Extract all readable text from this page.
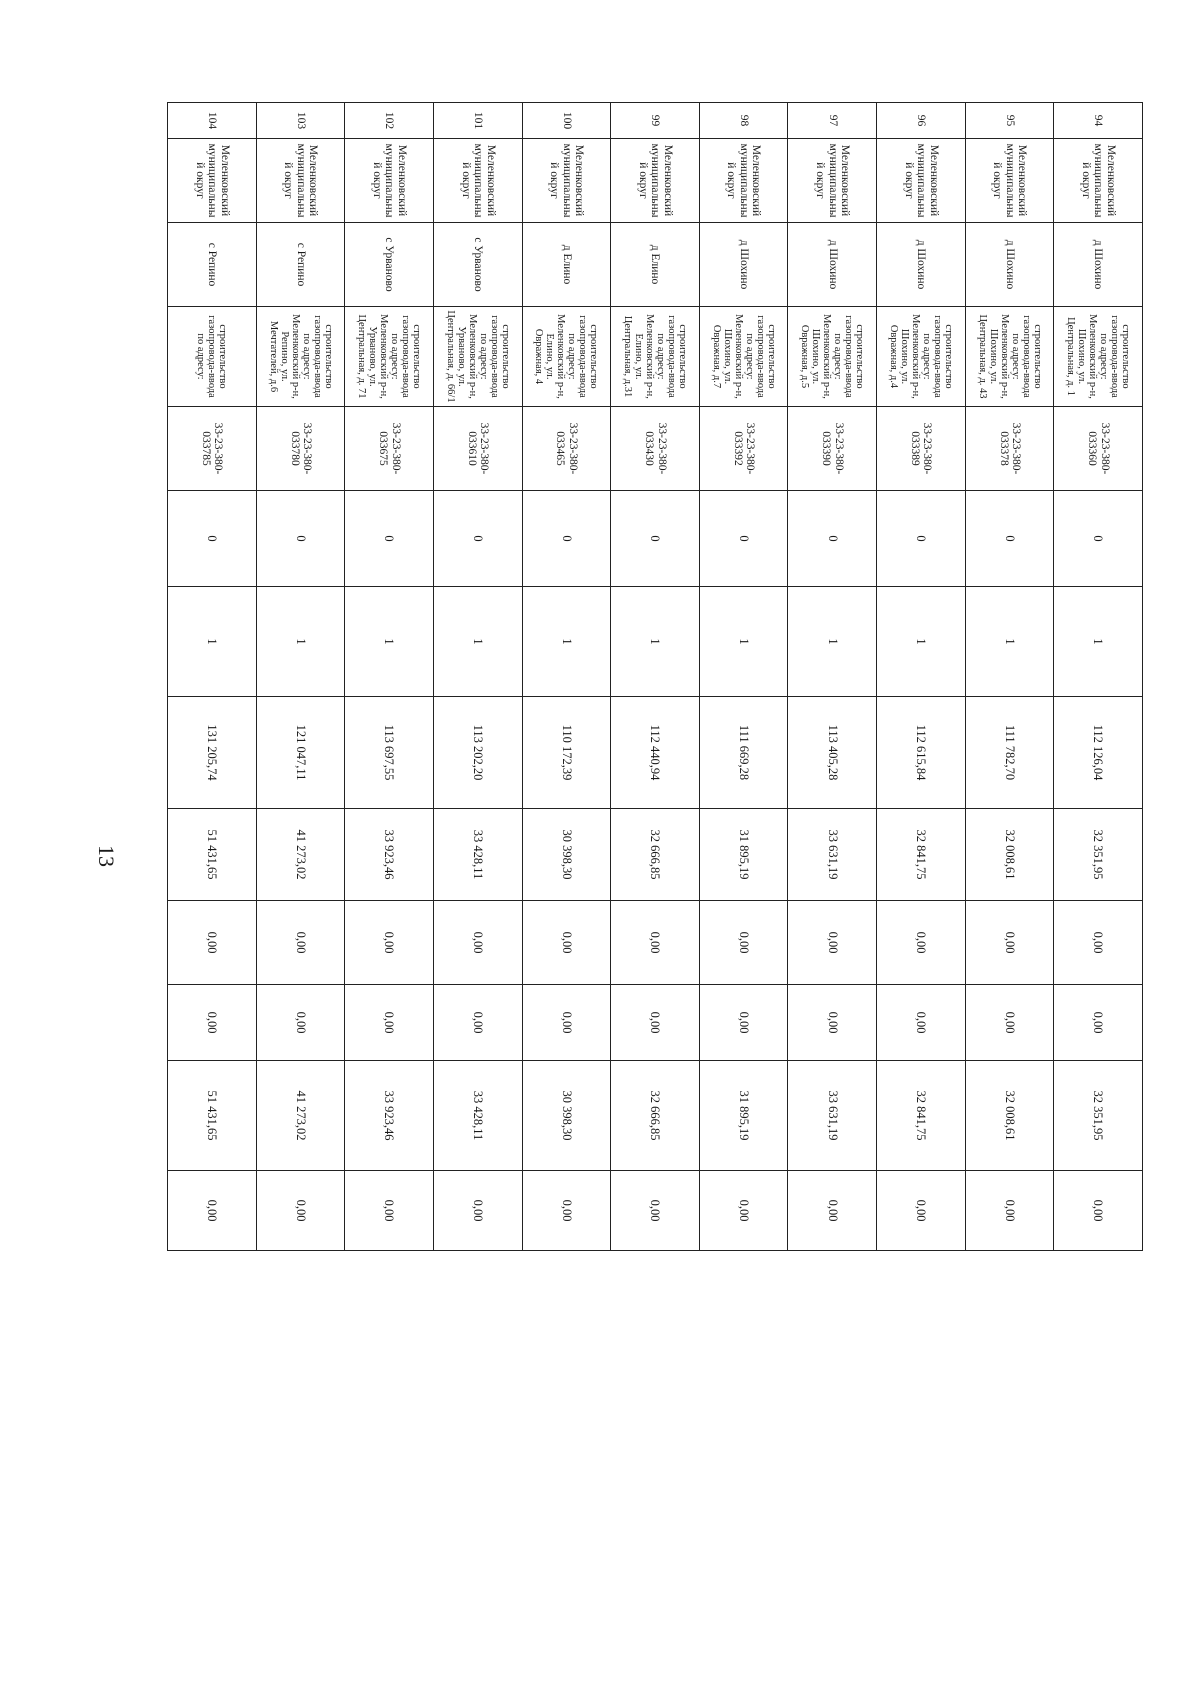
13
94	Меленковский муниципальный округ	д Шохино	строительство газопровода-ввода по адресу: Меленковский р-н, Шохино, ул. Центральная, д. 1	33-23-380-033360	0	1	112 126,04	32 351,95	0,00	0,00	32 351,95	0,00
95	Меленковский муниципальный округ	д Шохино	строительство газопровода-ввода по адресу: Меленковский р-н, Шохино, ул. Центральная, д. 43	33-23-380-033378	0	1	111 782,70	32 008,61	0,00	0,00	32 008,61	0,00
96	Меленковский муниципальный округ	д Шохино	строительство газопровода-ввода по адресу: Меленковский р-н, Шохино, ул. Овражная, д.4	33-23-380-033389	0	1	112 615,84	32 841,75	0,00	0,00	32 841,75	0,00
97	Меленковский муниципальный округ	д Шохино	строительство газопровода-ввода по адресу: Меленковский р-н, Шохино, ул. Овражная, д.5	33-23-380-033390	0	1	113 405,28	33 631,19	0,00	0,00	33 631,19	0,00
98	Меленковский муниципальный округ	д Шохино	строительство газопровода-ввода по адресу: Меленковский р-н, Шохино, ул. Овражная, д.7	33-23-380-033392	0	1	111 669,28	31 895,19	0,00	0,00	31 895,19	0,00
99	Меленковский муниципальный округ	д Елино	строительство газопровода-ввода по адресу: Меленковский р-н, Елино, ул. Центральная, д.31	33-23-380-033430	0	1	112 440,94	32 666,85	0,00	0,00	32 666,85	0,00
100	Меленковский муниципальный округ	д Елино	строительство газопровода-ввода по адресу: Меленковский р-н, Елино, ул. Овражная, 4	33-23-380-033465	0	1	110 172,39	30 398,30	0,00	0,00	30 398,30	0,00
101	Меленковский муниципальный округ	с Урваново	строительство газопровода-ввода по адресу: Меленковский р-н, Урваново, ул. Центральная, д. 66/1	33-23-380-033610	0	1	113 202,20	33 428,11	0,00	0,00	33 428,11	0,00
102	Меленковский муниципальный округ	с Урваново	строительство газопровода-ввода по адресу: Меленковский р-н, Урваново, ул. Центральная, д. 71	33-23-380-033675	0	1	113 697,55	33 923,46	0,00	0,00	33 923,46	0,00
103	Меленковский муниципальный округ	с Репино	строительство газопровода-ввода по адресу: Меленковский р-н, Репино, ул. Мечтателей, д.6	33-23-380-033780	0	1	121 047,11	41 273,02	0,00	0,00	41 273,02	0,00
104	Меленковский муниципальный округ	с Репино	строительство газопровода-ввода по адресу:	33-23-380-033785	0	1	131 205,74	51 431,65	0,00	0,00	51 431,65	0,00
